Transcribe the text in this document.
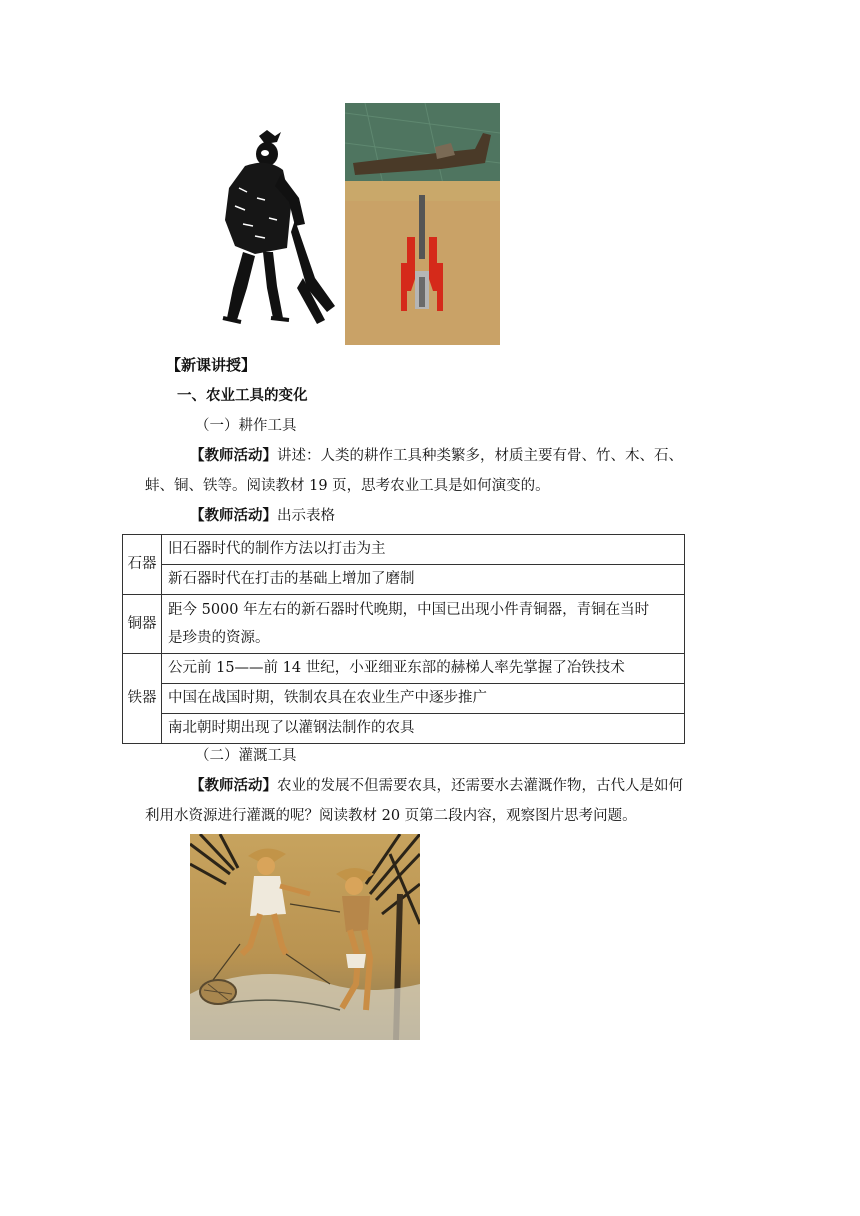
【新课讲授】
一、农业工具的变化
（一）耕作工具
【教师活动】讲述：人类的耕作工具种类繁多，材质主要有骨、竹、木、石、
蚌、铜、铁等。阅读教材 19 页，思考农业工具是如何演变的。
【教师活动】出示表格
石器	旧石器时代的制作方法以打击为主
	新石器时代在打击的基础上增加了磨制
铜器	距今 5000 年左右的新石器时代晚期，中国已出现小件青铜器，青铜在当时
是珍贵的资源。

铁器	公元前 15——前 14 世纪，小亚细亚东部的赫梯人率先掌握了冶铁技术
	中国在战国时期，铁制农具在农业生产中逐步推广
	南北朝时期出现了以灌钢法制作的农具
（二）灌溉工具
【教师活动】农业的发展不但需要农具，还需要水去灌溉作物，古代人是如何
利用水资源进行灌溉的呢？阅读教材 20 页第二段内容，观察图片思考问题。
